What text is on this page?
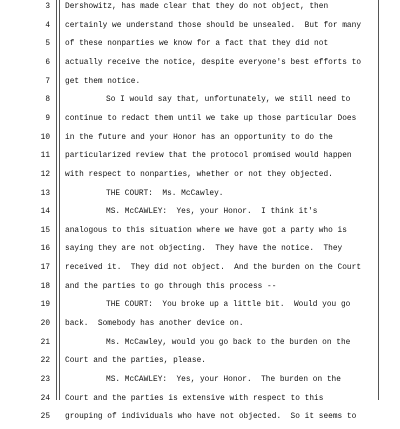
3 Dershowitz, has made clear that they do not object, then
4 certainly we understand those should be unsealed.  But for many
5 of these nonparties we know for a fact that they did not
6 actually receive the notice, despite everyone's best efforts to
7 get them notice.
8	So I would say that, unfortunately, we still need to
9 continue to redact them until we take up those particular Does
10 in the future and your Honor has an opportunity to do the
11 particularized review that the protocol promised would happen
12 with respect to nonparties, whether or not they objected.
13	THE COURT:  Ms. McCawley.
14	MS. McCAWLEY:  Yes, your Honor.  I think it's
15 analogous to this situation where we have got a party who is
16 saying they are not objecting.  They have the notice.  They
17 received it.  They did not object.  And the burden on the Court
18 and the parties to go through this process --
19	THE COURT:  You broke up a little bit.  Would you go
20 back.  Somebody has another device on.
21	Ms. McCawley, would you go back to the burden on the
22 Court and the parties, please.
23	MS. McCAWLEY:  Yes, your Honor.  The burden on the
24 Court and the parties is extensive with respect to this
25 grouping of individuals who have not objected.  So it seems to
